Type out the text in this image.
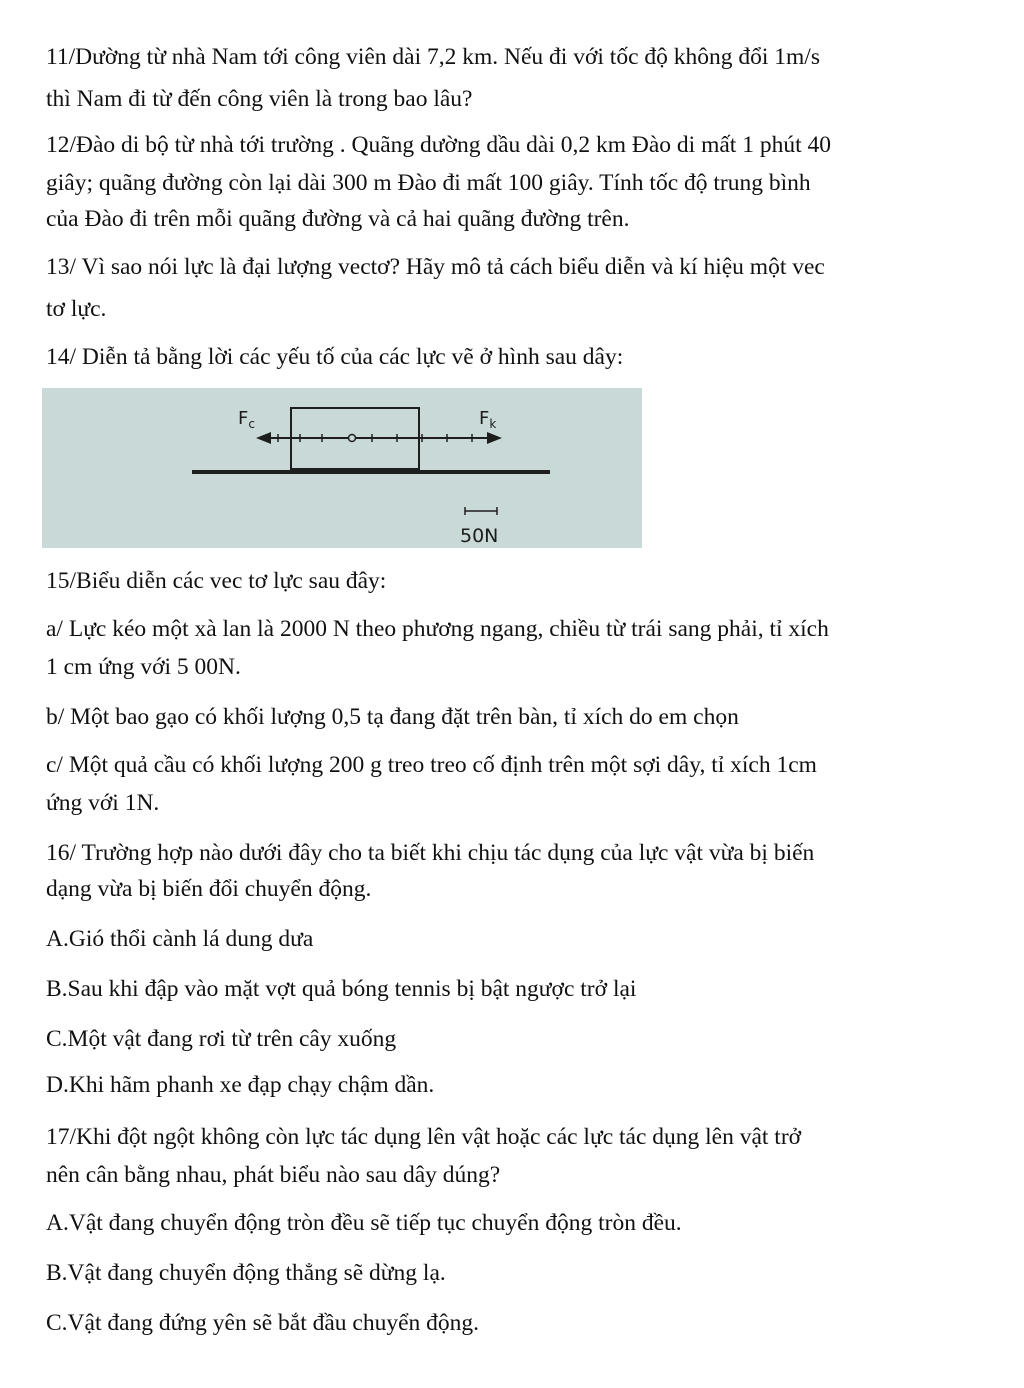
11/Dường từ nhà Nam tới công viên dài 7,2 km. Nếu đi với tốc độ không đổi 1m/s
thì Nam đi từ đến công viên là trong bao lâu?
12/Đào di bộ từ nhà tới trường . Quãng dường dầu dài 0,2 km Đào di mất 1 phút 40
giây; quãng đường còn lại dài 300 m Đào đi mất 100 giây. Tính tốc độ trung bình
của Đào đi trên mỗi quãng đường và cả hai quãng đường trên.
13/ Vì sao nói lực là đại lượng vectơ? Hãy mô tả cách biểu diễn và kí hiệu một vec
tơ lực.
14/ Diễn tả bằng lời các yếu tố của các lực vẽ ở hình sau dây:
$F_c$	$F_k$
50N
15/Biểu diễn các vec tơ lực sau đây:
a/ Lực kéo một xà lan là 2000 N theo phương ngang, chiều từ trái sang phải, tỉ xích
1 cm ứng với 5 00N.
b/ Một bao gạo có khối lượng 0,5 tạ đang đặt trên bàn, tỉ xích do em chọn
c/ Một quả cầu có khối lượng 200 g treo treo cố định trên một sợi dây, tỉ xích 1cm
ứng với 1N.
16/ Trường hợp nào dưới đây cho ta biết khi chịu tác dụng của lực vật vừa bị biến
dạng vừa bị biến đổi chuyển động.
A.Gió thổi cành lá dung dưa
B.Sau khi đập vào mặt vợt quả bóng tennis bị bật ngược trở lại
C.Một vật đang rơi từ trên cây xuống
D.Khi hãm phanh xe đạp chạy chậm dần.
17/Khi đột ngột không còn lực tác dụng lên vật hoặc các lực tác dụng lên vật trở
nên cân bằng nhau, phát biểu nào sau dây dúng?
A.Vật đang chuyển động tròn đều sẽ tiếp tục chuyển động tròn đều.
B.Vật đang chuyển động thẳng sẽ dừng lạ.
C.Vật đang đứng yên sẽ bắt đầu chuyển động.
